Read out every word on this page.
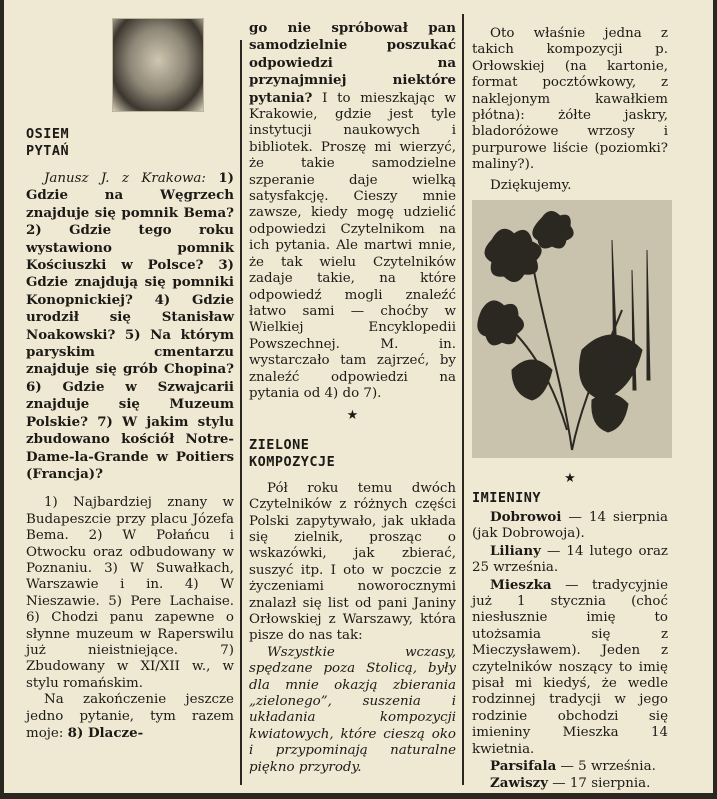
OSIEM
PYTAŃ

Janusz J. z Krakowa: 1) Gdzie na Węgrzech znajduje się pomnik Bema? 2) Gdzie tego roku wystawiono pomnik Kościuszki w Polsce? 3) Gdzie znajdują się pomniki Konopnickiej? 4) Gdzie urodził się Stanisław Noakowski? 5) Na którym paryskim cmentarzu znajduje się grób Chopina? 6) Gdzie w Szwajcarii znajduje się Muzeum Polskie? 7) W jakim stylu zbudowano kościół Notre-Dame-la-Grande w Poitiers (Francja)?

1) Najbardziej znany w Budapeszcie przy placu Józefa Bema. 2) W Połańcu i Otwocku oraz odbudowany w Poznaniu. 3) W Suwałkach, Warszawie i in. 4) W Nieszawie. 5) Pere Lachaise. 6) Chodzi panu zapewne o słynne muzeum w Raperswilu już nieistniejące. 7) Zbudowany w XI/XII w., w stylu romańskim.

Na zakończenie jeszcze jedno pytanie, tym razem moje: 8) Dlacze-

go nie spróbował pan samodzielnie poszukać odpowiedzi na przynajmniej niektóre pytania? I to mieszkając w Krakowie, gdzie jest tyle instytucji naukowych i bibliotek. Proszę mi wierzyć, że takie samodzielne szperanie daje wielką satysfakcję. Cieszy mnie zawsze, kiedy mogę udzielić odpowiedzi Czytelnikom na ich pytania. Ale martwi mnie, że tak wielu Czytelników zadaje takie, na które odpowiedź mogli znaleźć łatwo sami — choćby w Wielkiej Encyklopedii Powszechnej. M. in. wystarczało tam zajrzeć, by znaleźć odpowiedzi na pytania od 4) do 7).

★

ZIELONE
KOMPOZYCJE

Pół roku temu dwóch Czytelników z różnych części Polski zapytywało, jak układa się zielnik, prosząc o wskazówki, jak zbierać, suszyć itp. I oto w poczcie z życzeniami noworocznymi znalazł się list od pani Janiny Orłowskiej z Warszawy, która pisze do nas tak:

Wszystkie wczasy, spędzane poza Stolicą, były dla mnie okazją zbierania „zielonego”, suszenia i układania kompozycji kwiatowych, które cieszą oko i przypominają naturalne piękno przyrody.

Oto właśnie jedna z takich kompozycji p. Orłowskiej (na kartonie, format pocztówkowy, z naklejonym kawałkiem płótna): żółte jaskry, bladoróżowe wrzosy i purpurowe liście (poziomki? maliny?).

Dziękujemy.

★

IMIENINY

Dobrowoi — 14 sierpnia (jak Dobrowoja).

Liliany — 14 lutego oraz 25 września.

Mieszka — tradycyjnie już 1 stycznia (choć niesłusznie imię to utożsamia się z Mieczysławem). Jeden z czytelników noszący to imię pisał mi kiedyś, że wedle rodzinnej tradycji w jego rodzinie obchodzi się imieniny Mieszka 14 kwietnia.

Parsifala — 5 września.

Zawiszy — 17 sierpnia.
